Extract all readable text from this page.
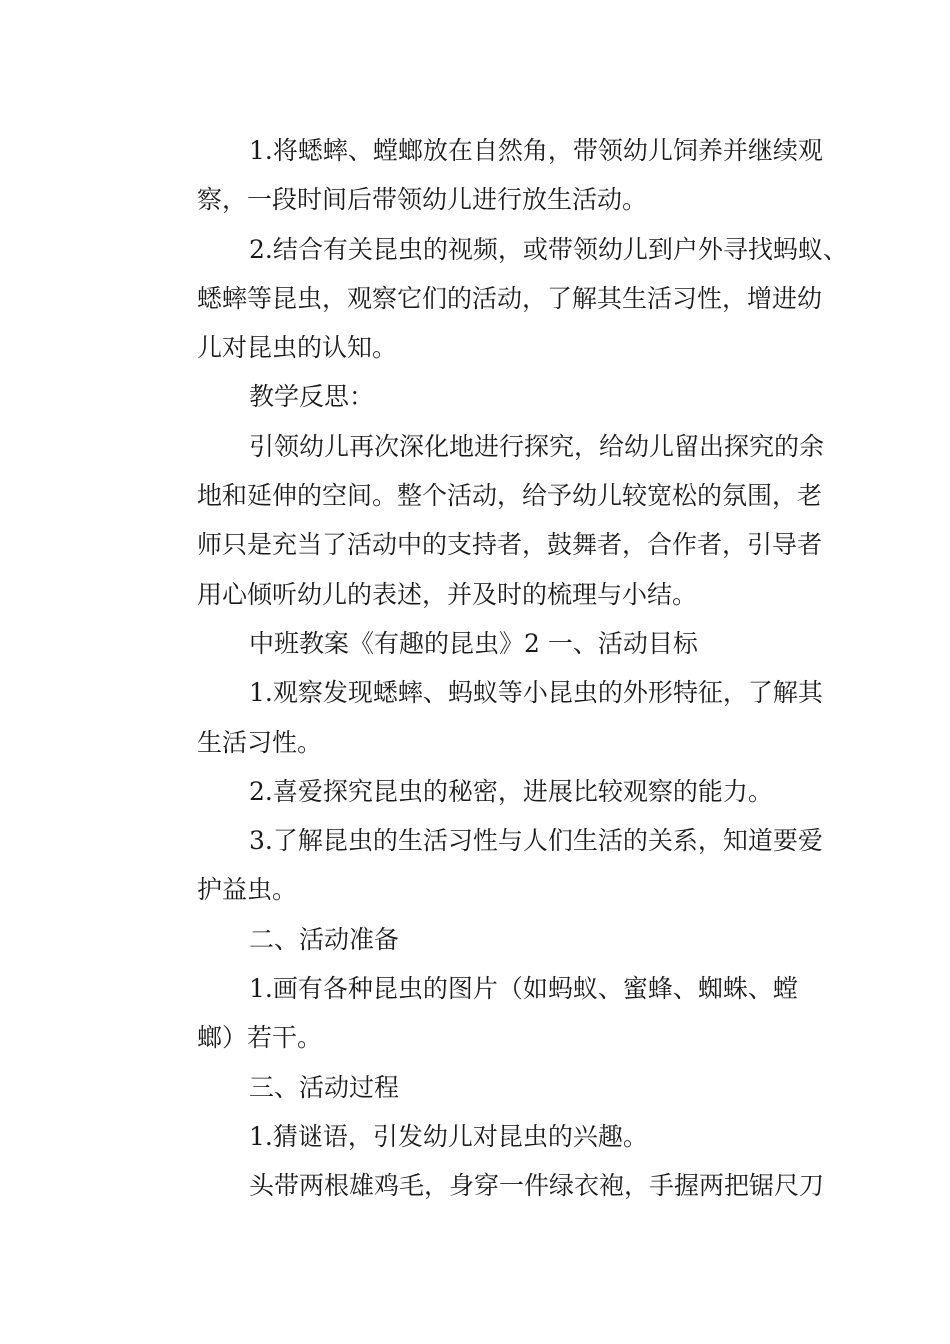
1.将蟋蟀、螳螂放在自然角，带领幼儿饲养并继续观
察，一段时间后带领幼儿进行放生活动。

2.结合有关昆虫的视频，或带领幼儿到户外寻找蚂蚁、
蟋蟀等昆虫，观察它们的活动，了解其生活习性，增进幼
儿对昆虫的认知。

教学反思：

引领幼儿再次深化地进行探究，给幼儿留出探究的余
地和延伸的空间。整个活动，给予幼儿较宽松的氛围，老
师只是充当了活动中的支持者，鼓舞者，合作者，引导者
用心倾听幼儿的表述，并及时的梳理与小结。

中班教案《有趣的昆虫》2 一、活动目标

1.观察发现蟋蟀、蚂蚁等小昆虫的外形特征，了解其
生活习性。

2.喜爱探究昆虫的秘密，进展比较观察的能力。

3.了解昆虫的生活习性与人们生活的关系，知道要爱
护益虫。

二、活动准备

1.画有各种昆虫的图片（如蚂蚁、蜜蜂、蜘蛛、螳
螂）若干。

三、活动过程

1.猜谜语，引发幼儿对昆虫的兴趣。

头带两根雄鸡毛，身穿一件绿衣袍，手握两把锯尺刀
